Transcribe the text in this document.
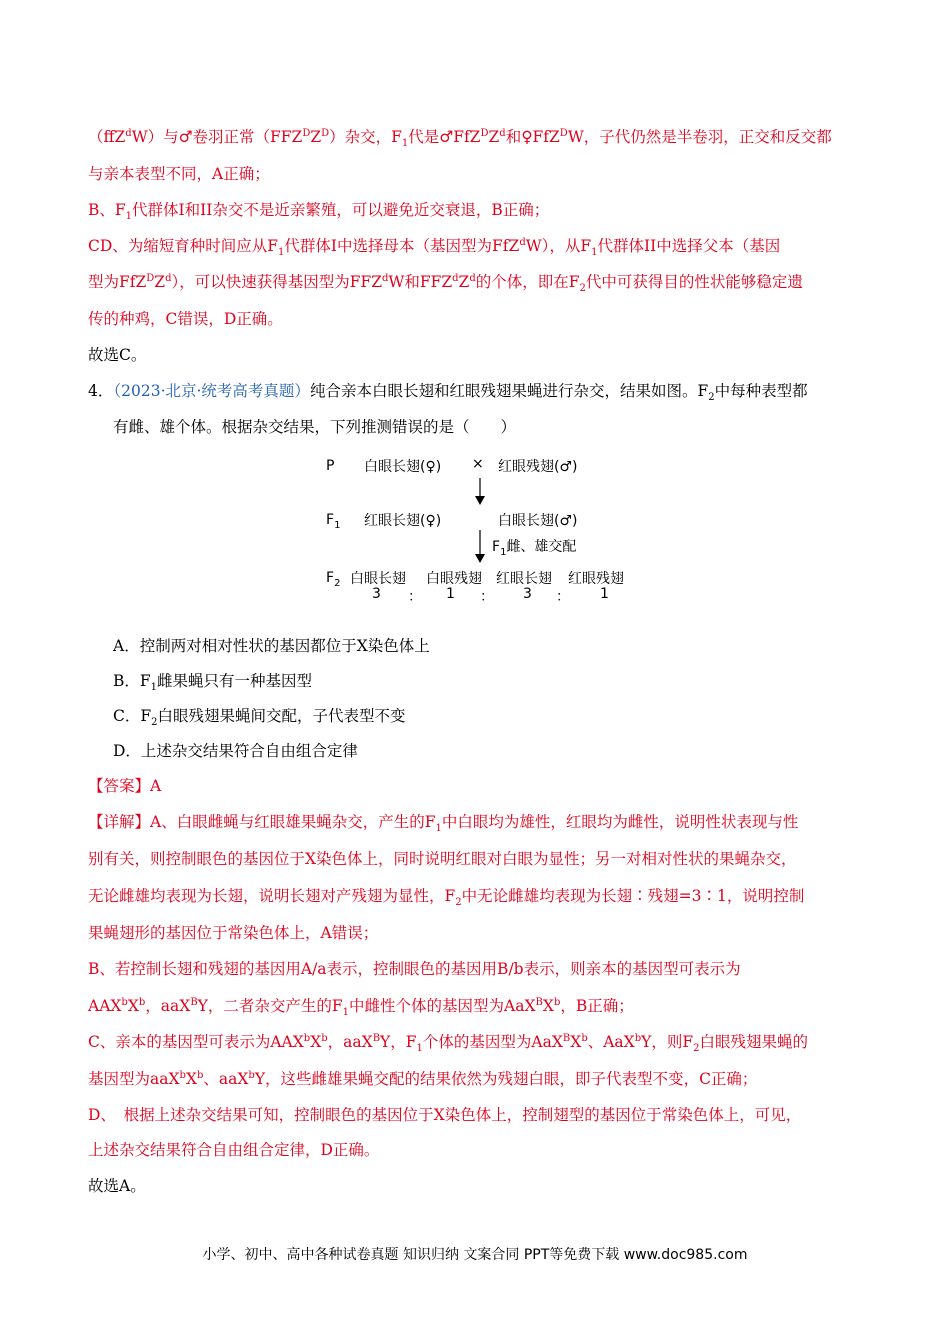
（ffZ$^d$W）与♂卷羽正常$(FFZ^DZ^D)$杂交，$F_1$代是$♂FfZ^DZ^d$和♀FfZ$^D$W，子代仍然是半卷羽，正交和反交都
与亲本表型不同，A正确；
B、$F_1$代群体I和II杂交不是近亲繁殖，可以避免近交衰退，B正确；
CD、为缩短育种时间应从$F_1$代群体I中选择母本（基因型为FfZ$^d$W），从$F_1$代群体II中选择父本（基因
型为$FfZ^DZ^d$），可以快速获得基因型为FFZ$^d$W和$FFZ^dZ^d$的个体，即在$F_2$代中可获得目的性状能够稳定遗
传的种鸡，C错误，D正确。
故选C。
4．（2023·北京·统考高考真题）纯合亲本白眼长翅和红眼残翅果蝇进行杂交，结果如图。$F_2$中每种表型都
有雌、雄个体。根据杂交结果，下列推测错误的是（　　）
P 白眼长翅(♀) × 红眼残翅(♂)
$F_1$ 红眼长翅(♀)	白眼长翅(♂)
$F_1$雌、雄交配
$F_2$ 白眼长翅 白眼残翅 红眼长翅 红眼残翅
3 ： 1 ： 3 ： 1
A．控制两对相对性状的基因都位于X染色体上
B．$F_1$雌果蝇只有一种基因型
C．$F_2$白眼残翅果蝇间交配，子代表型不变
D．上述杂交结果符合自由组合定律
【答案】A
【详解】A、白眼雌蝇与红眼雄果蝇杂交，产生的$F_1$中白眼均为雄性，红眼均为雌性，说明性状表现与性
别有关，则控制眼色的基因位于X染色体上，同时说明红眼对白眼为显性；另一对相对性状的果蝇杂交，
无论雌雄均表现为长翅，说明长翅对产残翅为显性，$F_2$中无论雌雄均表现为长翅∶残翅=3∶1，说明控制
果蝇翅形的基因位于常染色体上，A错误；
B、若控制长翅和残翅的基因用A/a表示，控制眼色的基因用B/b表示，则亲本的基因型可表示为
$AAX^bX^b$，aaX$^B$Y，二者杂交产生的$F_1$中雌性个体的基因型为$AaX^BX^b$，B正确；
C、亲本的基因型可表示为$AAX^bX^b$，aaX$^B$Y，$F_1$个体的基因型为$AaX^BX^b$、AaX$^b$Y，则$F_2$白眼残翅果蝇的
基因型为$aaX^bX^b$、aaX$^b$Y，这些雌雄果蝇交配的结果依然为残翅白眼，即子代表型不变，C正确；
D、　根据上述杂交结果可知，控制眼色的基因位于X染色体上，控制翅型的基因位于常染色体上，可见，
上述杂交结果符合自由组合定律，D正确。
故选A。
小学、初中、高中各种试卷真题 知识归纳 文案合同 PPT等免费下载 www.doc985.com
